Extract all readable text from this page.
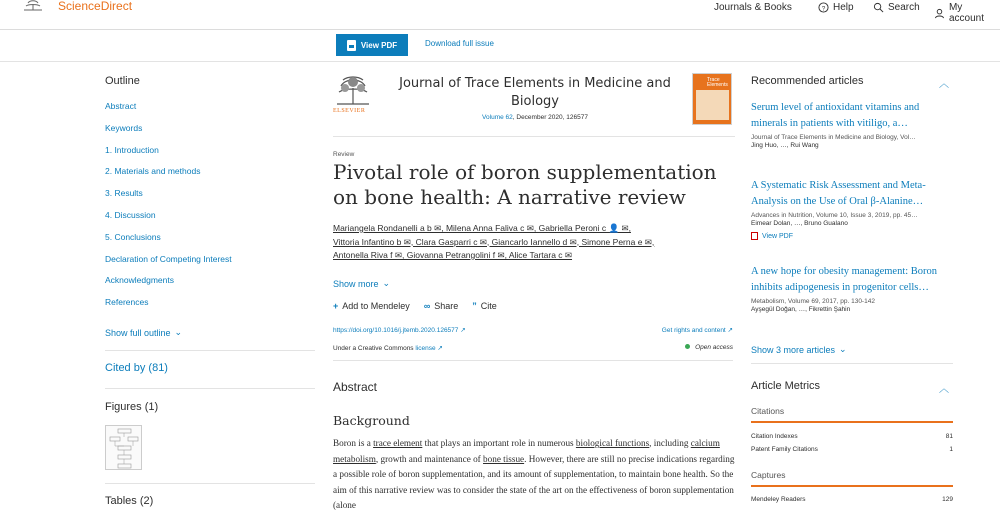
ScienceDirect	Journals & Books	? Help	Search	My account
View PDF	Download full issue
Outline
Abstract
Keywords
1. Introduction
2. Materials and methods
3. Results
4. Discussion
5. Conclusions
Declaration of Competing Interest
Acknowledgments
References
Show full outline ⌄
Cited by (81)
Figures (1)
Tables (2)
ELSEVIER
Journal of Trace Elements in Medicine and Biology
Volume 62, December 2020, 126577
Trace Elements
Review
Pivotal role of boron supplementation on bone health: A narrative review
Mariangela Rondanelli a b ✉, Milena Anna Faliva c ✉, Gabriella Peroni c 👤 ✉,
Vittoria Infantino b ✉, Clara Gasparri c ✉, Giancarlo Iannello d ✉, Simone Perna e ✉,
Antonella Riva f ✉, Giovanna Petrangolini f ✉, Alice Tartara c ✉
Show more ⌄
+ Add to Mendeley ∞ Share ” Cite
https://doi.org/10.1016/j.jtemb.2020.126577 ↗	Get rights and content ↗
Under a Creative Commons license ↗	Open access
Abstract
Background

Boron is a trace element that plays an important role in numerous biological functions, including calcium metabolism, growth and maintenance of bone tissue. However, there are still no precise indications regarding a possible role of boron supplementation, and its amount of supplementation, to maintain bone health. So the aim of this narrative review was to consider the state of the art on the effectiveness of boron supplementation (alone

Recommended articles	︿
Serum level of antioxidant vitamins and minerals in patients with vitiligo, a…
Journal of Trace Elements in Medicine and Biology, Vol…
Jing Huo, …, Rui Wang
A Systematic Risk Assessment and Meta-Analysis on the Use of Oral β-Alanine…
Advances in Nutrition, Volume 10, Issue 3, 2019, pp. 45…
Eimear Dolan, …, Bruno Gualano
View PDF
A new hope for obesity management: Boron inhibits adipogenesis in progenitor cells…
Metabolism, Volume 69, 2017, pp. 130-142
Ayşegül Doğan, …, Fikrettin Şahin
Show 3 more articles ⌄
Article Metrics	︿
Citations
Citation Indexes	81
Patent Family Citations	1
Captures
Mendeley Readers	129
